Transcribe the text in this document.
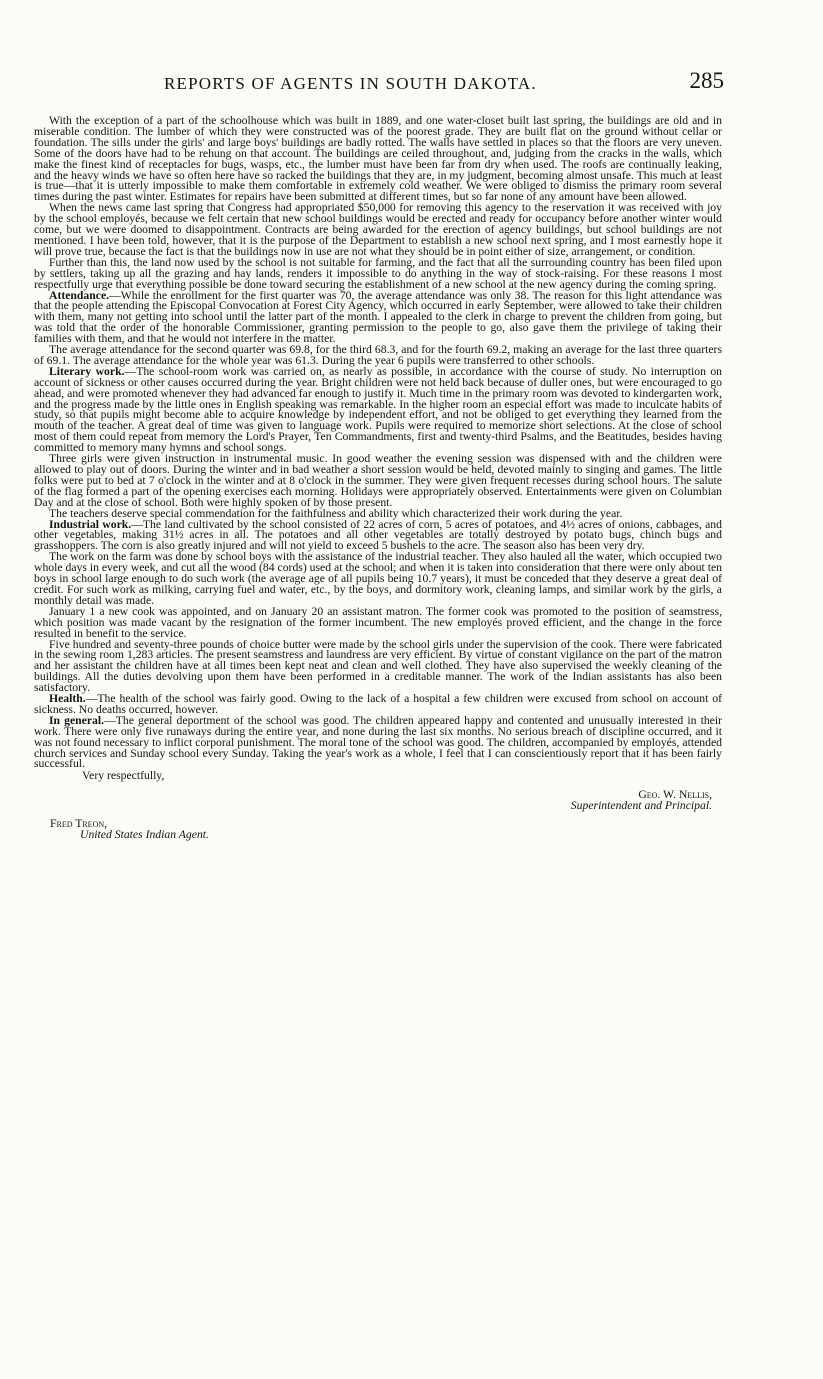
REPORTS OF AGENTS IN SOUTH DAKOTA.	285

With the exception of a part of the schoolhouse which was built in 1889, and one water-closet built last spring, the buildings are old and in miserable condition. The lumber of which they were constructed was of the poorest grade. They are built flat on the ground without cellar or foundation. The sills under the girls' and large boys' buildings are badly rotted. The walls have settled in places so that the floors are very uneven. Some of the doors have had to be rehung on that account. The buildings are ceiled throughout, and, judging from the cracks in the walls, which make the finest kind of receptacles for bugs, wasps, etc., the lumber must have been far from dry when used. The roofs are continually leaking, and the heavy winds we have so often here have so racked the buildings that they are, in my judgment, becoming almost unsafe. This much at least is true—that it is utterly impossible to make them comfortable in extremely cold weather. We were obliged to dismiss the primary room several times during the past winter. Estimates for repairs have been submitted at different times, but so far none of any amount have been allowed.

When the news came last spring that Congress had appropriated $50,000 for removing this agency to the reservation it was received with joy by the school employés, because we felt certain that new school buildings would be erected and ready for occupancy before another winter would come, but we were doomed to disappointment. Contracts are being awarded for the erection of agency buildings, but school buildings are not mentioned. I have been told, however, that it is the purpose of the Department to establish a new school next spring, and I most earnestly hope it will prove true, because the fact is that the buildings now in use are not what they should be in point either of size, arrangement, or condition.

Further than this, the land now used by the school is not suitable for farming, and the fact that all the surrounding country has been filed upon by settlers, taking up all the grazing and hay lands, renders it impossible to do anything in the way of stock-raising. For these reasons I most respectfully urge that everything possible be done toward securing the establishment of a new school at the new agency during the coming spring.

Attendance.—While the enrollment for the first quarter was 70, the average attendance was only 38. The reason for this light attendance was that the people attending the Episcopal Convocation at Forest City Agency, which occurred in early September, were allowed to take their children with them, many not getting into school until the latter part of the month. I appealed to the clerk in charge to prevent the children from going, but was told that the order of the honorable Commissioner, granting permission to the people to go, also gave them the privilege of taking their families with them, and that he would not interfere in the matter.

The average attendance for the second quarter was 69.8, for the third 68.3, and for the fourth 69.2, making an average for the last three quarters of 69.1. The average attendance for the whole year was 61.3. During the year 6 pupils were transferred to other schools.

Literary work.—The school-room work was carried on, as nearly as possible, in accordance with the course of study. No interruption on account of sickness or other causes occurred during the year. Bright children were not held back because of duller ones, but were encouraged to go ahead, and were promoted whenever they had advanced far enough to justify it. Much time in the primary room was devoted to kindergarten work, and the progress made by the little ones in English speaking was remarkable. In the higher room an especial effort was made to inculcate habits of study, so that pupils might become able to acquire knowledge by independent effort, and not be obliged to get everything they learned from the mouth of the teacher. A great deal of time was given to language work. Pupils were required to memorize short selections. At the close of school most of them could repeat from memory the Lord's Prayer, Ten Commandments, first and twenty-third Psalms, and the Beatitudes, besides having committed to memory many hymns and school songs.

Three girls were given instruction in instrumental music. In good weather the evening session was dispensed with and the children were allowed to play out of doors. During the winter and in bad weather a short session would be held, devoted mainly to singing and games. The little folks were put to bed at 7 o'clock in the winter and at 8 o'clock in the summer. They were given frequent recesses during school hours. The salute of the flag formed a part of the opening exercises each morning. Holidays were appropriately observed. Entertainments were given on Columbian Day and at the close of school. Both were highly spoken of by those present.

The teachers deserve special commendation for the faithfulness and ability which characterized their work during the year.

Industrial work.—The land cultivated by the school consisted of 22 acres of corn, 5 acres of potatoes, and 4½ acres of onions, cabbages, and other vegetables, making 31½ acres in all. The potatoes and all other vegetables are totally destroyed by potato bugs, chinch bugs and grasshoppers. The corn is also greatly injured and will not yield to exceed 5 bushels to the acre. The season also has been very dry.

The work on the farm was done by school boys with the assistance of the industrial teacher. They also hauled all the water, which occupied two whole days in every week, and cut all the wood (84 cords) used at the school; and when it is taken into consideration that there were only about ten boys in school large enough to do such work (the average age of all pupils being 10.7 years), it must be conceded that they deserve a great deal of credit. For such work as milking, carrying fuel and water, etc., by the boys, and dormitory work, cleaning lamps, and similar work by the girls, a monthly detail was made.

January 1 a new cook was appointed, and on January 20 an assistant matron. The former cook was promoted to the position of seamstress, which position was made vacant by the resignation of the former incumbent. The new employés proved efficient, and the change in the force resulted in benefit to the service.

Five hundred and seventy-three pounds of choice butter were made by the school girls under the supervision of the cook. There were fabricated in the sewing room 1,283 articles. The present seamstress and laundress are very efficient. By virtue of constant vigilance on the part of the matron and her assistant the children have at all times been kept neat and clean and well clothed. They have also supervised the weekly cleaning of the buildings. All the duties devolving upon them have been performed in a creditable manner. The work of the Indian assistants has also been satisfactory.

Health.—The health of the school was fairly good. Owing to the lack of a hospital a few children were excused from school on account of sickness. No deaths occurred, however.

In general.—The general deportment of the school was good. The children appeared happy and contented and unusually interested in their work. There were only five runaways during the entire year, and none during the last six months. No serious breach of discipline occurred, and it was not found necessary to inflict corporal punishment. The moral tone of the school was good. The children, accompanied by employés, attended church services and Sunday school every Sunday. Taking the year's work as a whole, I feel that I can conscientiously report that it has been fairly successful.

Very respectfully,
Geo. W. Nellis,
Superintendent and Principal.
Fred Treon,
United States Indian Agent.
